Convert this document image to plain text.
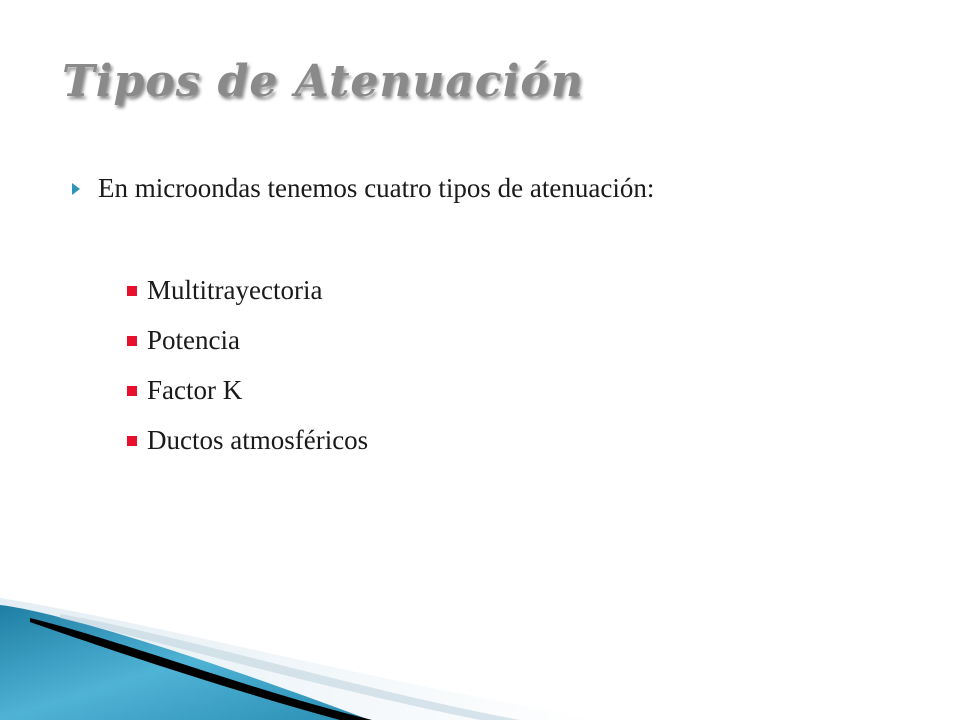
Tipos de Atenuación
En microondas tenemos cuatro tipos de atenuación:
Multitrayectoria
Potencia
Factor K
Ductos atmosféricos
